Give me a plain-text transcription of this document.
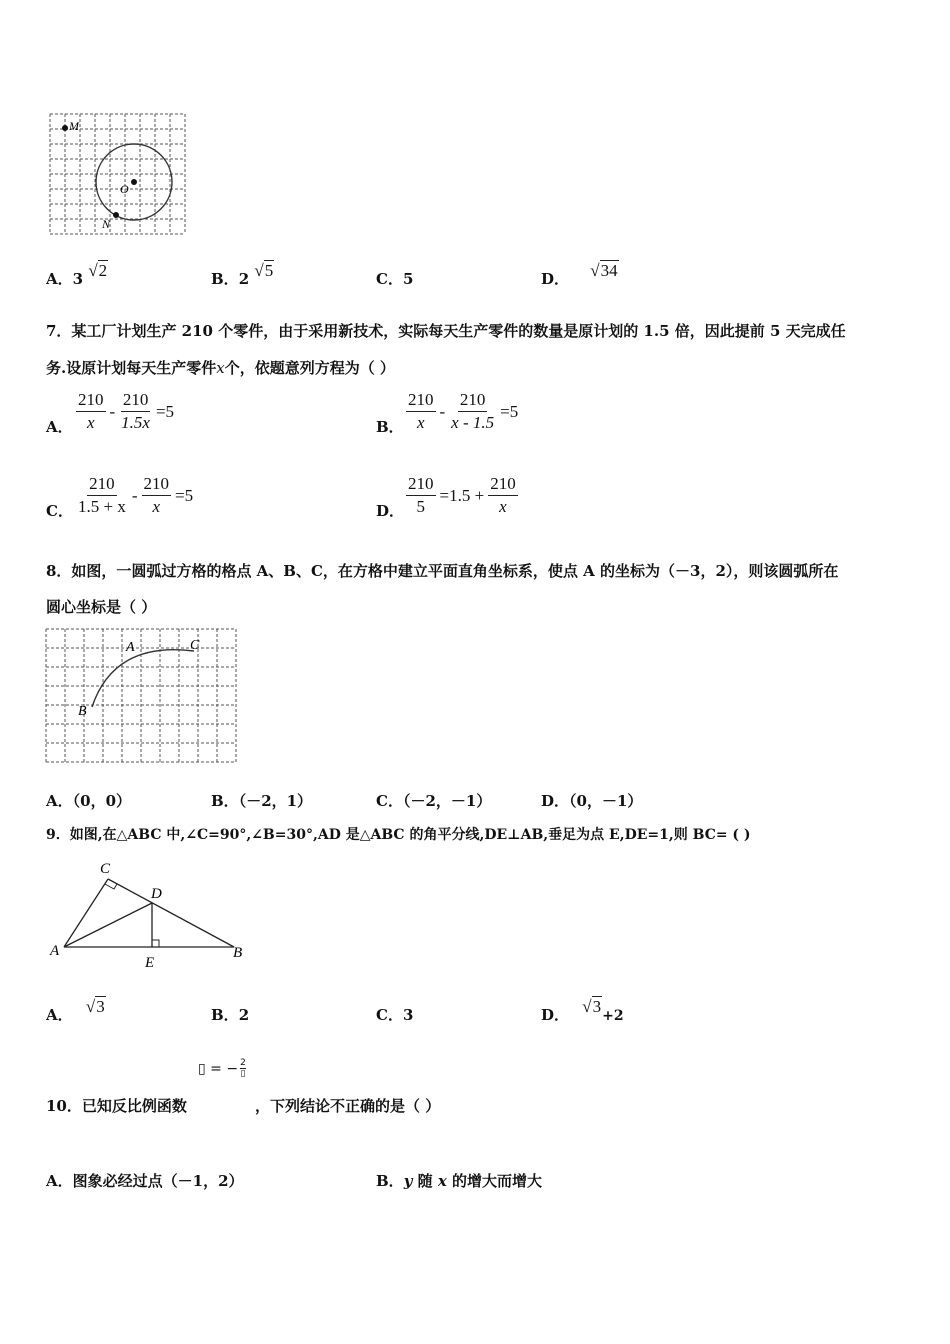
M
O
N
A．3 √2	B．2 √5	C．5	D． √34
7．某工厂计划生产 210 个零件，由于采用新技术，实际每天生产零件的数量是原计划的 1.5 倍，因此提前 5 天完成任
务.设原计划每天生产零件x个，依题意列方程为（ ）
A． $\frac{210}{x} - \frac{210}{1.5x} =5$
B． $\frac{210}{x} - \frac{210}{x - 1.5} =5$
C． $\frac{210}{1.5 + x} - \frac{210}{x} =5$
D． $\frac{210}{5} =1.5 + \frac{210}{x}$
8．如图，一圆弧过方格的格点 A、B、C，在方格中建立平面直角坐标系，使点 A 的坐标为（－3，2），则该圆弧所在
圆心坐标是（ ）
A	C
B
A．（0，0）	B．（－2，1）	C．（－2，－1）	D．（0，－1）
9．如图,在△ABC 中,∠C=90°,∠B=30°,AD 是△ABC 的角平分线,DE⊥AB,垂足为点 E,DE=1,则 BC= ( )
C
D
A
E
B
A． √3	B．2	C．3	D． √3+2
▯ = − 2
▯
10．已知反比例函数	，下列结论不正确的是（ ）
A．图象必经过点（－1，2）	B．y 随 x 的增大而增大
